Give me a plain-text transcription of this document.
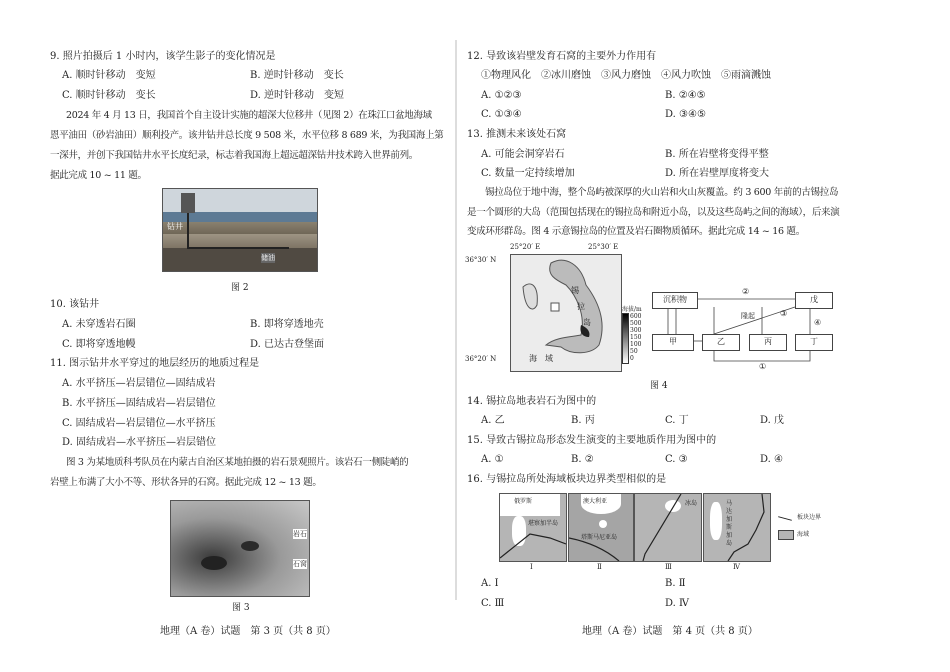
9. 照片拍摄后 1 小时内，该学生影子的变化情况是
A. 顺时针移动　变短	B. 逆时针移动　变长
C. 顺时针移动　变长	D. 逆时针移动　变短
2024 年 4 月 13 日，我国首个自主设计实施的超深大位移井（见图 2）在珠江口盆地海域
恩平油田（砂岩油田）顺利投产。该井钻井总长度 9 508 米，水平位移 8 689 米，为我国海上第
一深井，并创下我国钻井水平长度纪录，标志着我国海上超远超深钻井技术跨入世界前列。
据此完成 10 ~ 11 题。
钻井
储油
图 2
10. 该钻井
A. 未穿透岩石圈	B. 即将穿透地壳
C. 即将穿透地幔	D. 已达古登堡面
11. 图示钻井水平穿过的地层经历的地质过程是
A. 水平挤压—岩层错位—固结成岩
B. 水平挤压—固结成岩—岩层错位
C. 固结成岩—岩层错位—水平挤压
D. 固结成岩—水平挤压—岩层错位
图 3 为某地质科考队员在内蒙古自治区某地拍摄的岩石景观照片。该岩石一侧陡峭的
岩壁上布满了大小不等、形状各异的石窝。据此完成 12 ~ 13 题。
岩石
石窝
图 3
地理（A 卷）试题　第 3 页（共 8 页）
12. 导致该岩壁发育石窝的主要外力作用有
①物理风化　②冰川磨蚀　③风力磨蚀　④风力吹蚀　⑤雨滴溅蚀
A. ①②③	B. ②④⑤
C. ①③④	D. ③④⑤
13. 推测未来该处石窝
A. 可能会洞穿岩石	B. 所在岩壁将变得平整
C. 数量一定持续增加	D. 所在岩壁厚度将变大
锡拉岛位于地中海，整个岛屿被深厚的火山岩和火山灰覆盖。约 3 600 年前的古锡拉岛
是一个圆形的大岛（范围包括现在的锡拉岛和附近小岛，以及这些岛屿之间的海域），后来演
变成环形群岛。图 4 示意锡拉岛的位置及岩石圈物质循环。据此完成 14 ~ 16 题。
25°20′ E	25°30′ E
36°30′ N
36°20′ N
锡
拉
岛
海　域
海拔/m
600
500
300
150
100
50
0
沉积物	戊
甲	乙	丙	丁
②
隆起	③
④
①
图 4
14. 锡拉岛地表岩石为图中的
A. 乙	B. 丙	C. 丁	D. 戊
15. 导致古锡拉岛形态发生演变的主要地质作用为图中的
A. ①	B. ②	C. ③	D. ④
16. 与锡拉岛所处海域板块边界类型相似的是
俄罗斯
堪察加半岛
澳大利亚
塔斯马尼亚岛
冰岛	马达加斯加岛
Ⅰ	Ⅱ	Ⅲ	Ⅳ
板块边界
海域
A. Ⅰ	B. Ⅱ
C. Ⅲ	D. Ⅳ
地理（A 卷）试题　第 4 页（共 8 页）
